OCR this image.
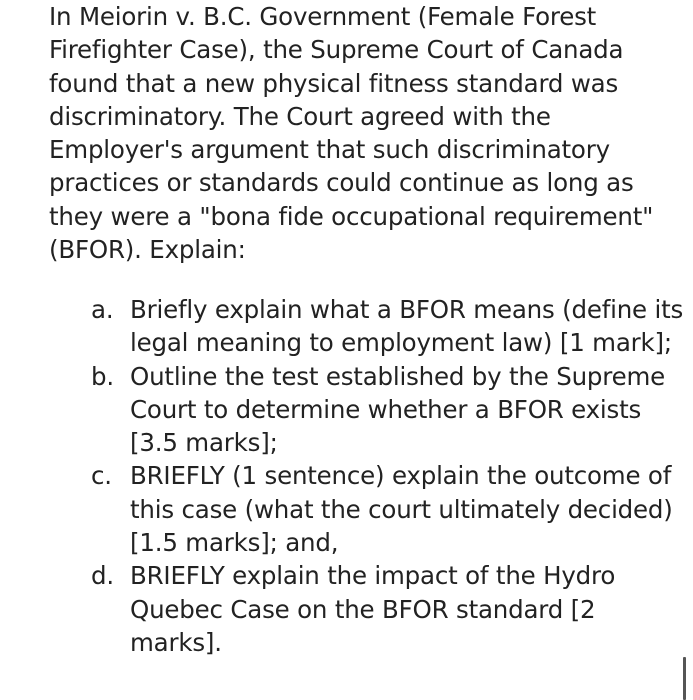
In Meiorin v. B.C. Government (Female Forest Firefighter Case), the Supreme Court of Canada found that a new physical fitness standard was discriminatory. The Court agreed with the Employer's argument that such discriminatory practices or standards could continue as long as they were a "bona fide occupational requirement" (BFOR). Explain:

a. Briefly explain what a BFOR means (define its legal meaning to employment law) [1 mark];
b. Outline the test established by the Supreme Court to determine whether a BFOR exists [3.5 marks];
c. BRIEFLY (1 sentence) explain the outcome of this case (what the court ultimately decided) [1.5 marks]; and,
d. BRIEFLY explain the impact of the Hydro Quebec Case on the BFOR standard [2 marks].
